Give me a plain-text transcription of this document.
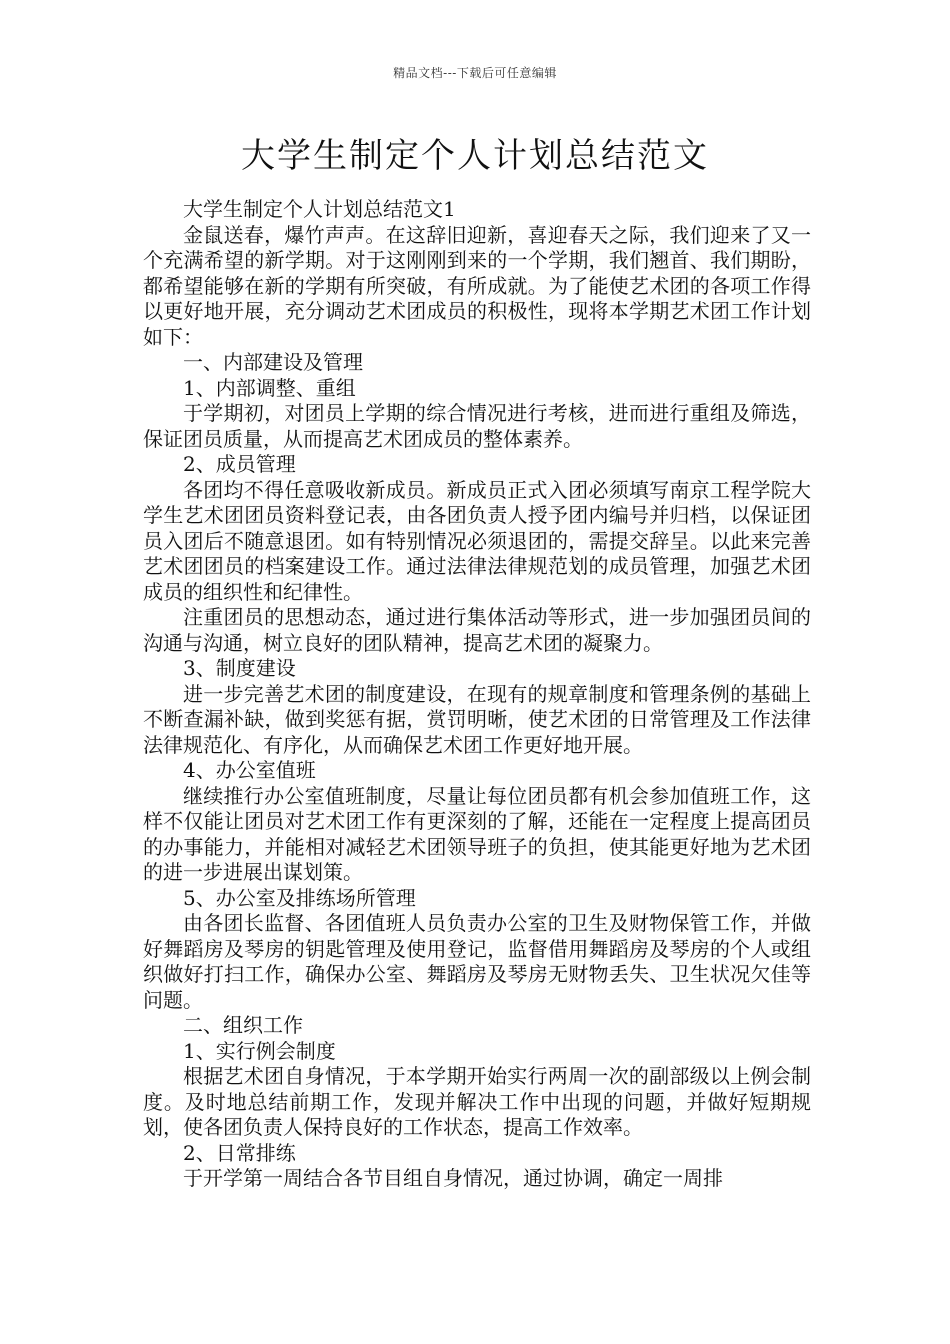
精品文档---下载后可任意编辑
大学生制定个人计划总结范文

大学生制定个人计划总结范文1

金鼠送春，爆竹声声。在这辞旧迎新，喜迎春天之际，我们迎来了又一个充满希望的新学期。对于这刚刚到来的一个学期，我们翘首、我们期盼，都希望能够在新的学期有所突破，有所成就。为了能使艺术团的各项工作得以更好地开展，充分调动艺术团成员的积极性，现将本学期艺术团工作计划如下：

一、内部建设及管理

1、内部调整、重组

于学期初，对团员上学期的综合情况进行考核，进而进行重组及筛选，保证团员质量，从而提高艺术团成员的整体素养。

2、成员管理

各团均不得任意吸收新成员。新成员正式入团必须填写南京工程学院大学生艺术团团员资料登记表，由各团负责人授予团内编号并归档，以保证团员入团后不随意退团。如有特别情况必须退团的，需提交辞呈。以此来完善艺术团团员的档案建设工作。通过法律法律规范划的成员管理，加强艺术团成员的组织性和纪律性。

注重团员的思想动态，通过进行集体活动等形式，进一步加强团员间的沟通与沟通，树立良好的团队精神，提高艺术团的凝聚力。

3、制度建设

进一步完善艺术团的制度建设，在现有的规章制度和管理条例的基础上不断查漏补缺，做到奖惩有据，赏罚明晰，使艺术团的日常管理及工作法律法律规范化、有序化，从而确保艺术团工作更好地开展。

4、办公室值班

继续推行办公室值班制度，尽量让每位团员都有机会参加值班工作，这样不仅能让团员对艺术团工作有更深刻的了解，还能在一定程度上提高团员的办事能力，并能相对减轻艺术团领导班子的负担，使其能更好地为艺术团的进一步进展出谋划策。

5、办公室及排练场所管理

由各团长监督、各团值班人员负责办公室的卫生及财物保管工作，并做好舞蹈房及琴房的钥匙管理及使用登记，监督借用舞蹈房及琴房的个人或组织做好打扫工作，确保办公室、舞蹈房及琴房无财物丢失、卫生状况欠佳等问题。

二、组织工作

1、实行例会制度

根据艺术团自身情况，于本学期开始实行两周一次的副部级以上例会制度。及时地总结前期工作，发现并解决工作中出现的问题，并做好短期规划，使各团负责人保持良好的工作状态，提高工作效率。

2、日常排练

于开学第一周结合各节目组自身情况，通过协调，确定一周排
